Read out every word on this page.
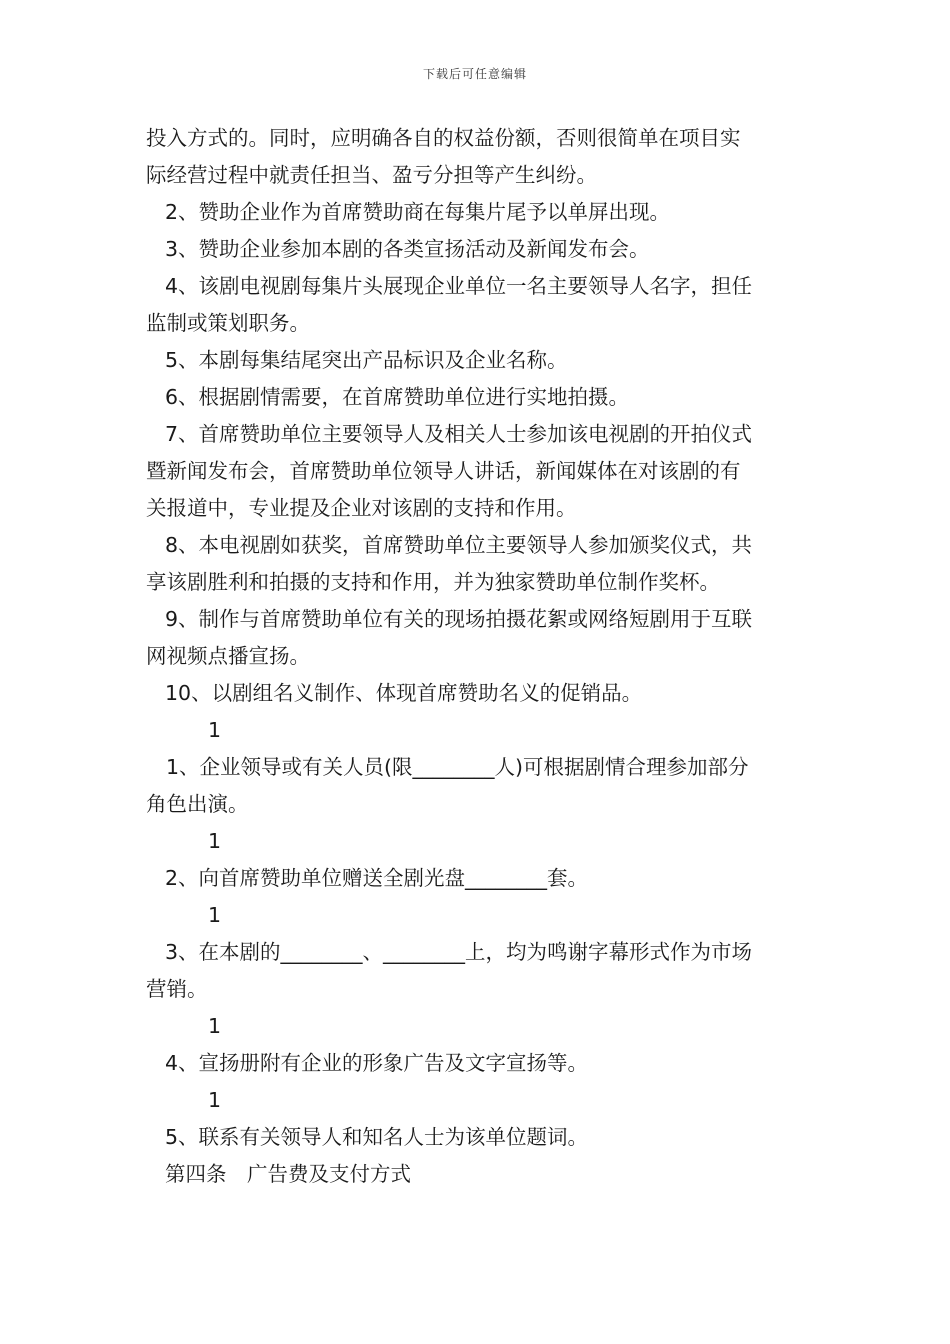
下载后可任意编辑
投入方式的。同时，应明确各自的权益份额，否则很简单在项目实
际经营过程中就责任担当、盈亏分担等产生纠纷。
2、赞助企业作为首席赞助商在每集片尾予以单屏出现。
3、赞助企业参加本剧的各类宣扬活动及新闻发布会。
4、该剧电视剧每集片头展现企业单位一名主要领导人名字，担任
监制或策划职务。
5、本剧每集结尾突出产品标识及企业名称。
6、根据剧情需要，在首席赞助单位进行实地拍摄。
7、首席赞助单位主要领导人及相关人士参加该电视剧的开拍仪式
暨新闻发布会，首席赞助单位领导人讲话，新闻媒体在对该剧的有
关报道中，专业提及企业对该剧的支持和作用。
8、本电视剧如获奖，首席赞助单位主要领导人参加颁奖仪式，共
享该剧胜利和拍摄的支持和作用，并为独家赞助单位制作奖杯。
9、制作与首席赞助单位有关的现场拍摄花絮或网络短剧用于互联
网视频点播宣扬。
10、以剧组名义制作、体现首席赞助名义的促销品。
1
1、企业领导或有关人员(限________人)可根据剧情合理参加部分
角色出演。
1
2、向首席赞助单位赠送全剧光盘________套。
1
3、在本剧的________、________上，均为鸣谢字幕形式作为市场
营销。
1
4、宣扬册附有企业的形象广告及文字宣扬等。
1
5、联系有关领导人和知名人士为该单位题词。
第四条　广告费及支付方式
